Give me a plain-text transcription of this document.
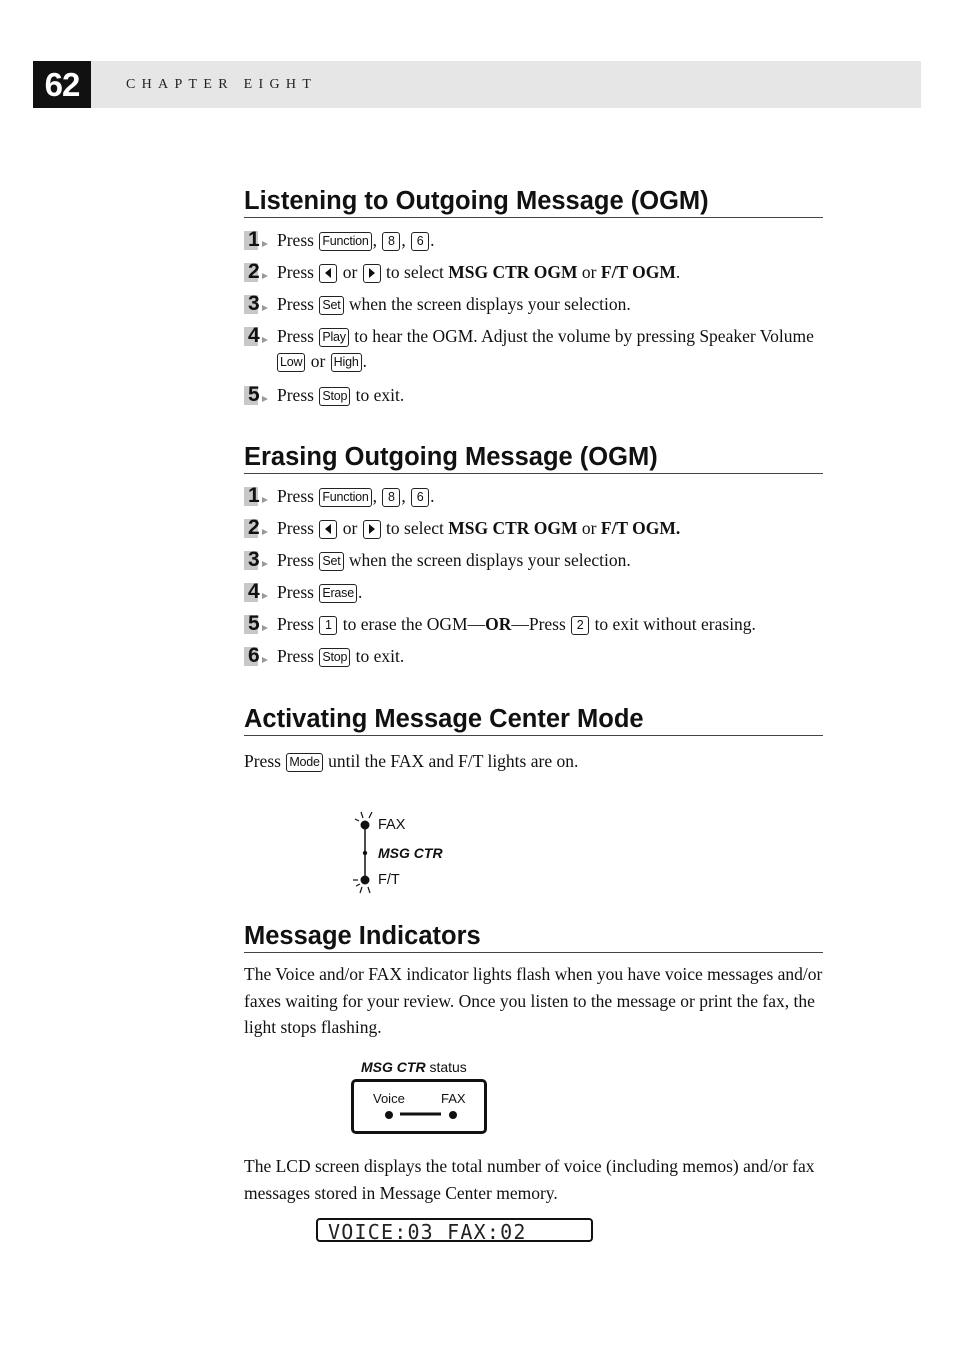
62	CHAPTER EIGHT
Listening to Outgoing Message (OGM)
1 Press Function , 8 , 6 .
2 Press or to select MSG CTR OGM or F/T OGM.
3 Press Set when the screen displays your selection.
4 Press Play to hear the OGM. Adjust the volume by pressing Speaker Volume
Low or High .
5 Press Stop to exit.
Erasing Outgoing Message (OGM)
1 Press Function , 8 , 6 .
2 Press or to select MSG CTR OGM or F/T OGM.
3 Press Set when the screen displays your selection.
4 Press Erase .
5 Press 1 to erase the OGM—OR—Press 2 to exit without erasing.
6 Press Stop to exit.
Activating Message Center Mode
Press Mode until the FAX and F/T lights are on.
Message Indicators
The Voice and/or FAX indicator lights flash when you have voice messages and/or faxes waiting for your review. Once you listen to the message or print the fax, the light stops flashing.
The LCD screen displays the total number of voice (including memos) and/or fax messages stored in Message Center memory.
FAX
MSG CTR
F/T
MSG CTR status
Voice	FAX
VOICE:03 FAX:02
